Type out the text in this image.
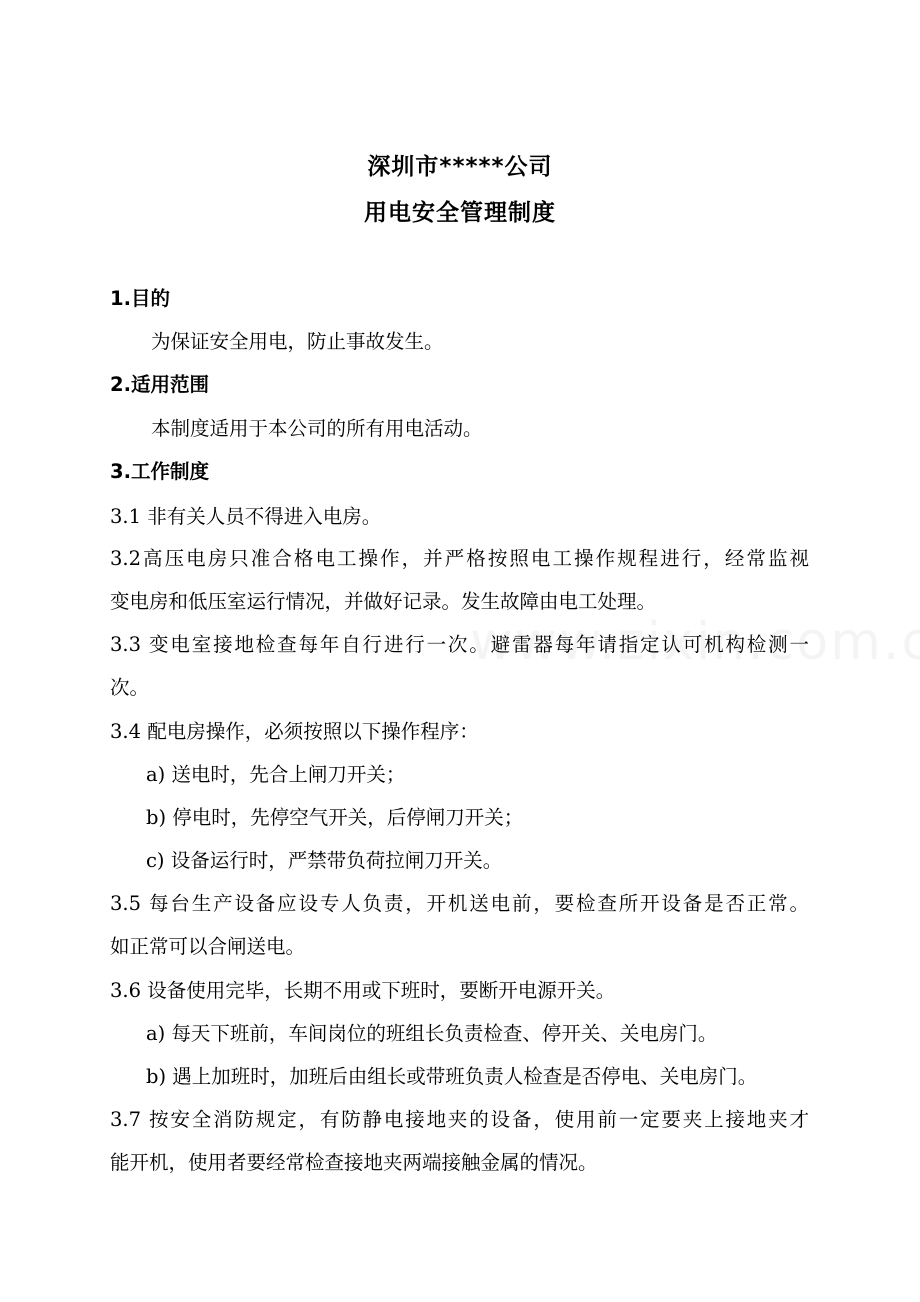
深圳市*****公司
用电安全管理制度
1.目的
为保证安全用电，防止事故发生。
2.适用范围
本制度适用于本公司的所有用电活动。
3.工作制度
3.1 非有关人员不得进入电房。
3.2高压电房只准合格电工操作，并严格按照电工操作规程进行，经常监视
变电房和低压室运行情况，并做好记录。发生故障由电工处理。
3.3 变电室接地检查每年自行进行一次。避雷器每年请指定认可机构检测一
次。
3.4 配电房操作，必须按照以下操作程序：
a) 送电时，先合上闸刀开关；
b) 停电时，先停空气开关，后停闸刀开关；
c) 设备运行时，严禁带负荷拉闸刀开关。
3.5 每台生产设备应设专人负责，开机送电前，要检查所开设备是否正常。
如正常可以合闸送电。
3.6 设备使用完毕，长期不用或下班时，要断开电源开关。
a) 每天下班前，车间岗位的班组长负责检查、停开关、关电房门。
b) 遇上加班时，加班后由组长或带班负责人检查是否停电、关电房门。
3.7 按安全消防规定，有防静电接地夹的设备，使用前一定要夹上接地夹才
能开机，使用者要经常检查接地夹两端接触金属的情况。
